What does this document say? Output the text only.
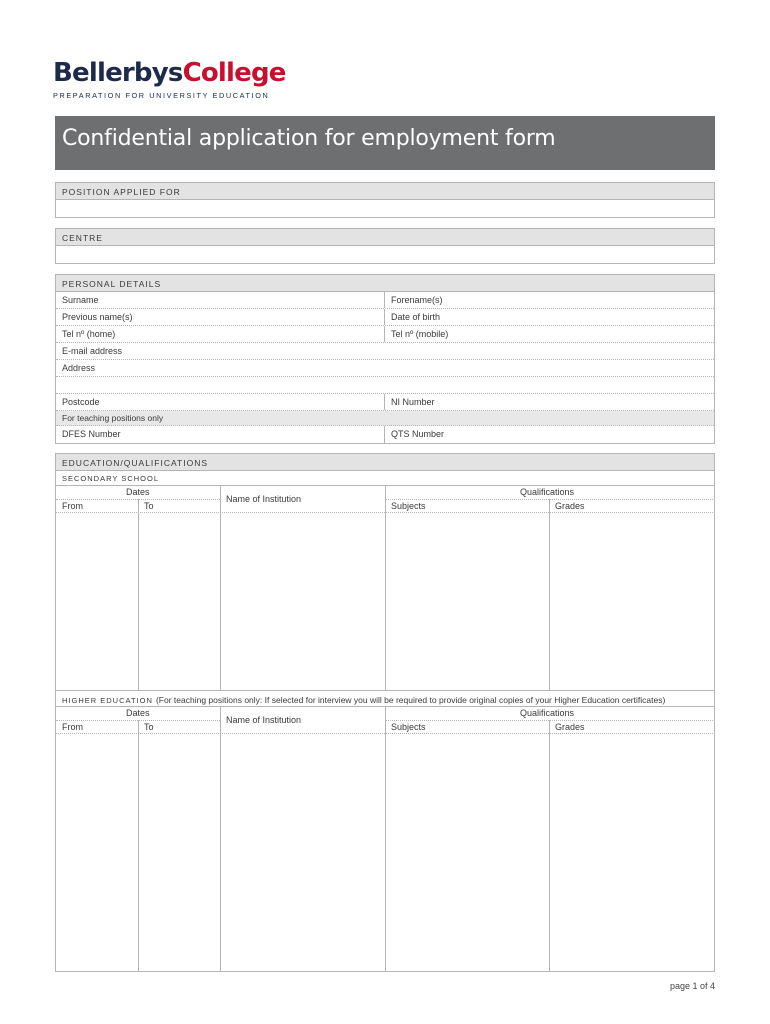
BellerbysCollege
PREPARATION FOR UNIVERSITY EDUCATION
Confidential application for employment form
POSITION APPLIED FOR
CENTRE
PERSONAL DETAILS
Surname	Forename(s)
Previous name(s)	Date of birth
Tel nº (home)	Tel nº (mobile)
E-mail address
Address
Postcode	NI Number
For teaching positions only
DFES Number	QTS Number
EDUCATION/QUALIFICATIONS
SECONDARY SCHOOL
Dates
From	To
Name of Institution
Qualifications
Subjects	Grades
HIGHER EDUCATION (For teaching positions only: If selected for interview you will be required to provide original copies of your Higher Education certificates)
Dates
From	To
Name of Institution
Qualifications
Subjects	Grades
page 1 of 4
